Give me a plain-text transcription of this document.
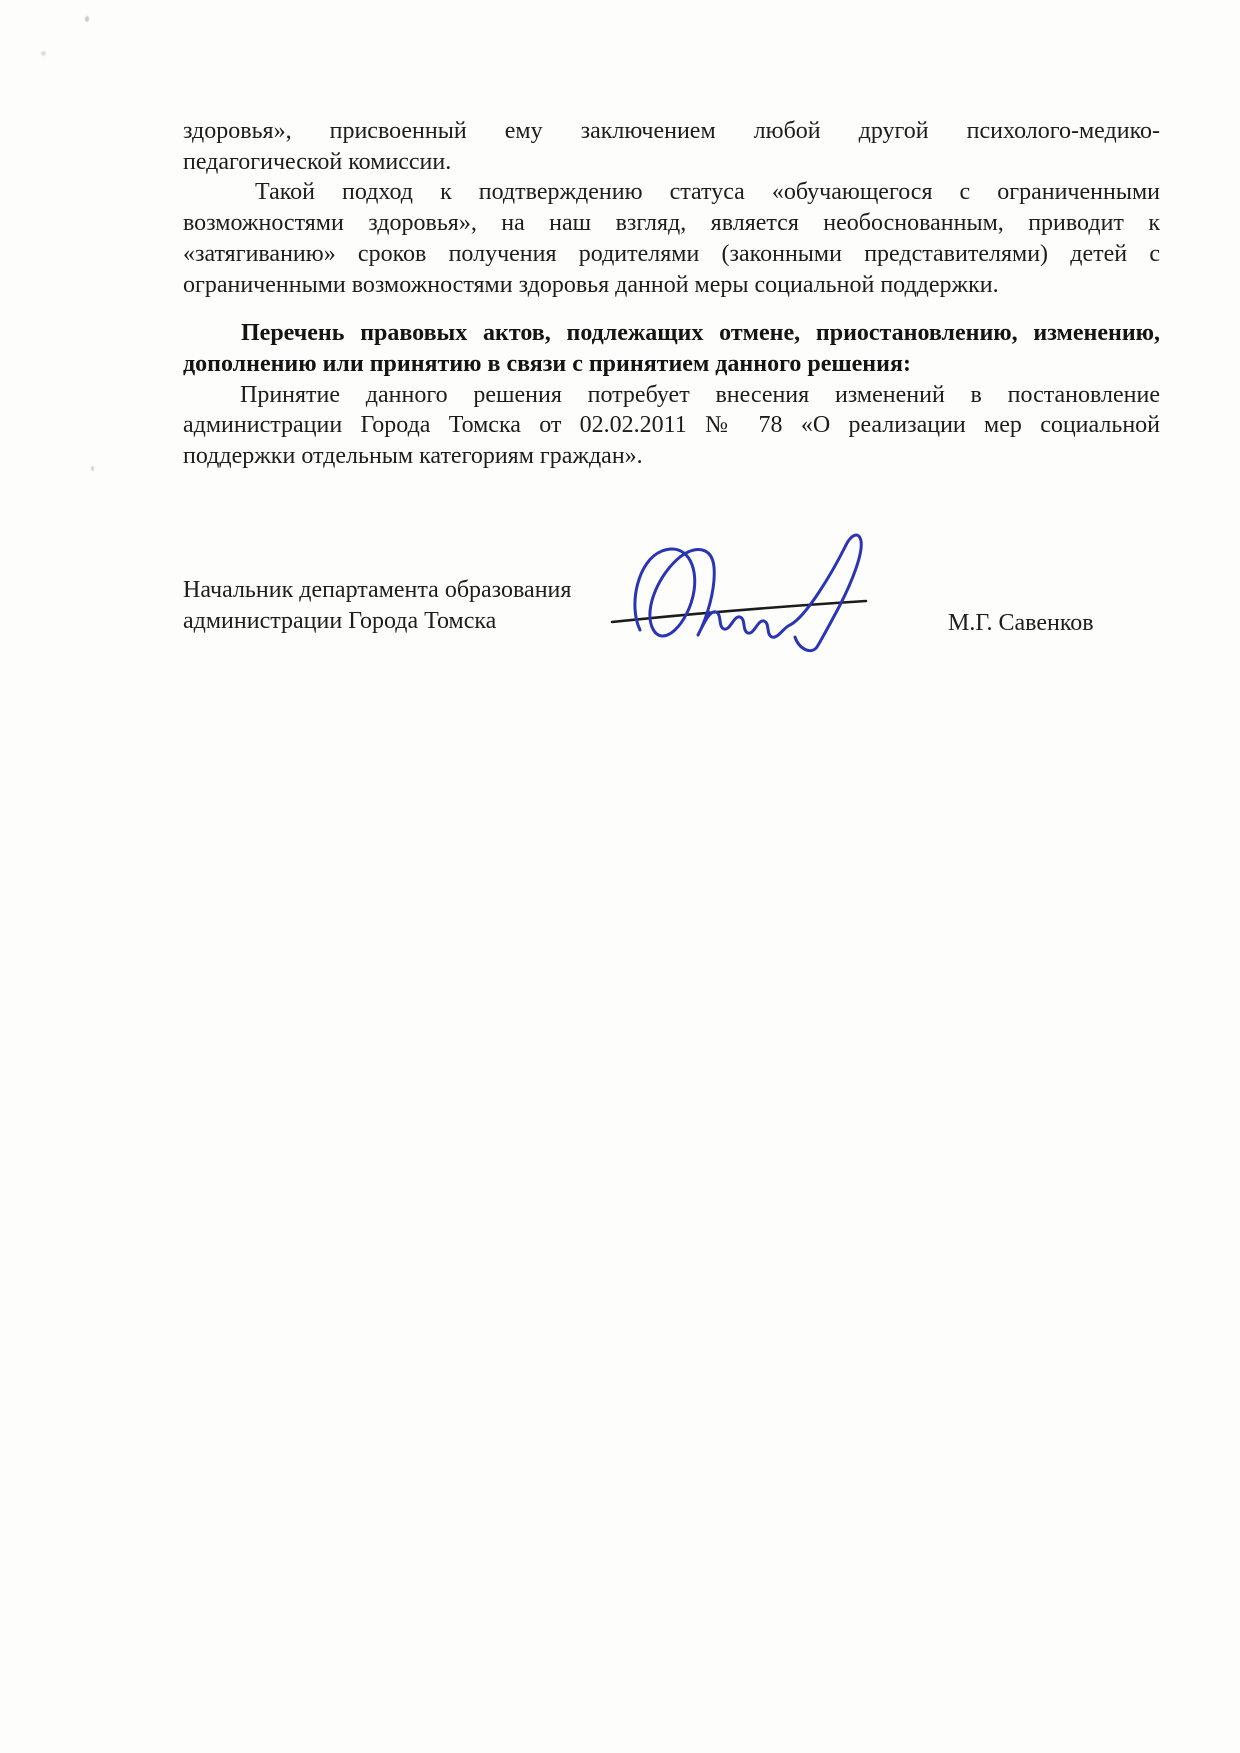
здоровья», присвоенный ему заключением любой другой психолого-медико-
педагогической комиссии.
Такой подход к подтверждению статуса «обучающегося с ограниченными
возможностями здоровья», на наш взгляд, является необоснованным, приводит к
«затягиванию» сроков получения родителями (законными представителями) детей с
ограниченными возможностями здоровья данной меры социальной поддержки.
Перечень правовых актов, подлежащих отмене, приостановлению, изменению,
дополнению или принятию в связи с принятием данного решения:
Принятие данного решения потребует внесения изменений в постановление
администрации Города Томска от 02.02.2011 № 78 «О реализации мер социальной
поддержки отдельным категориям граждан».
Начальник департамента образования
администрации Города Томска	М.Г. Савенков
